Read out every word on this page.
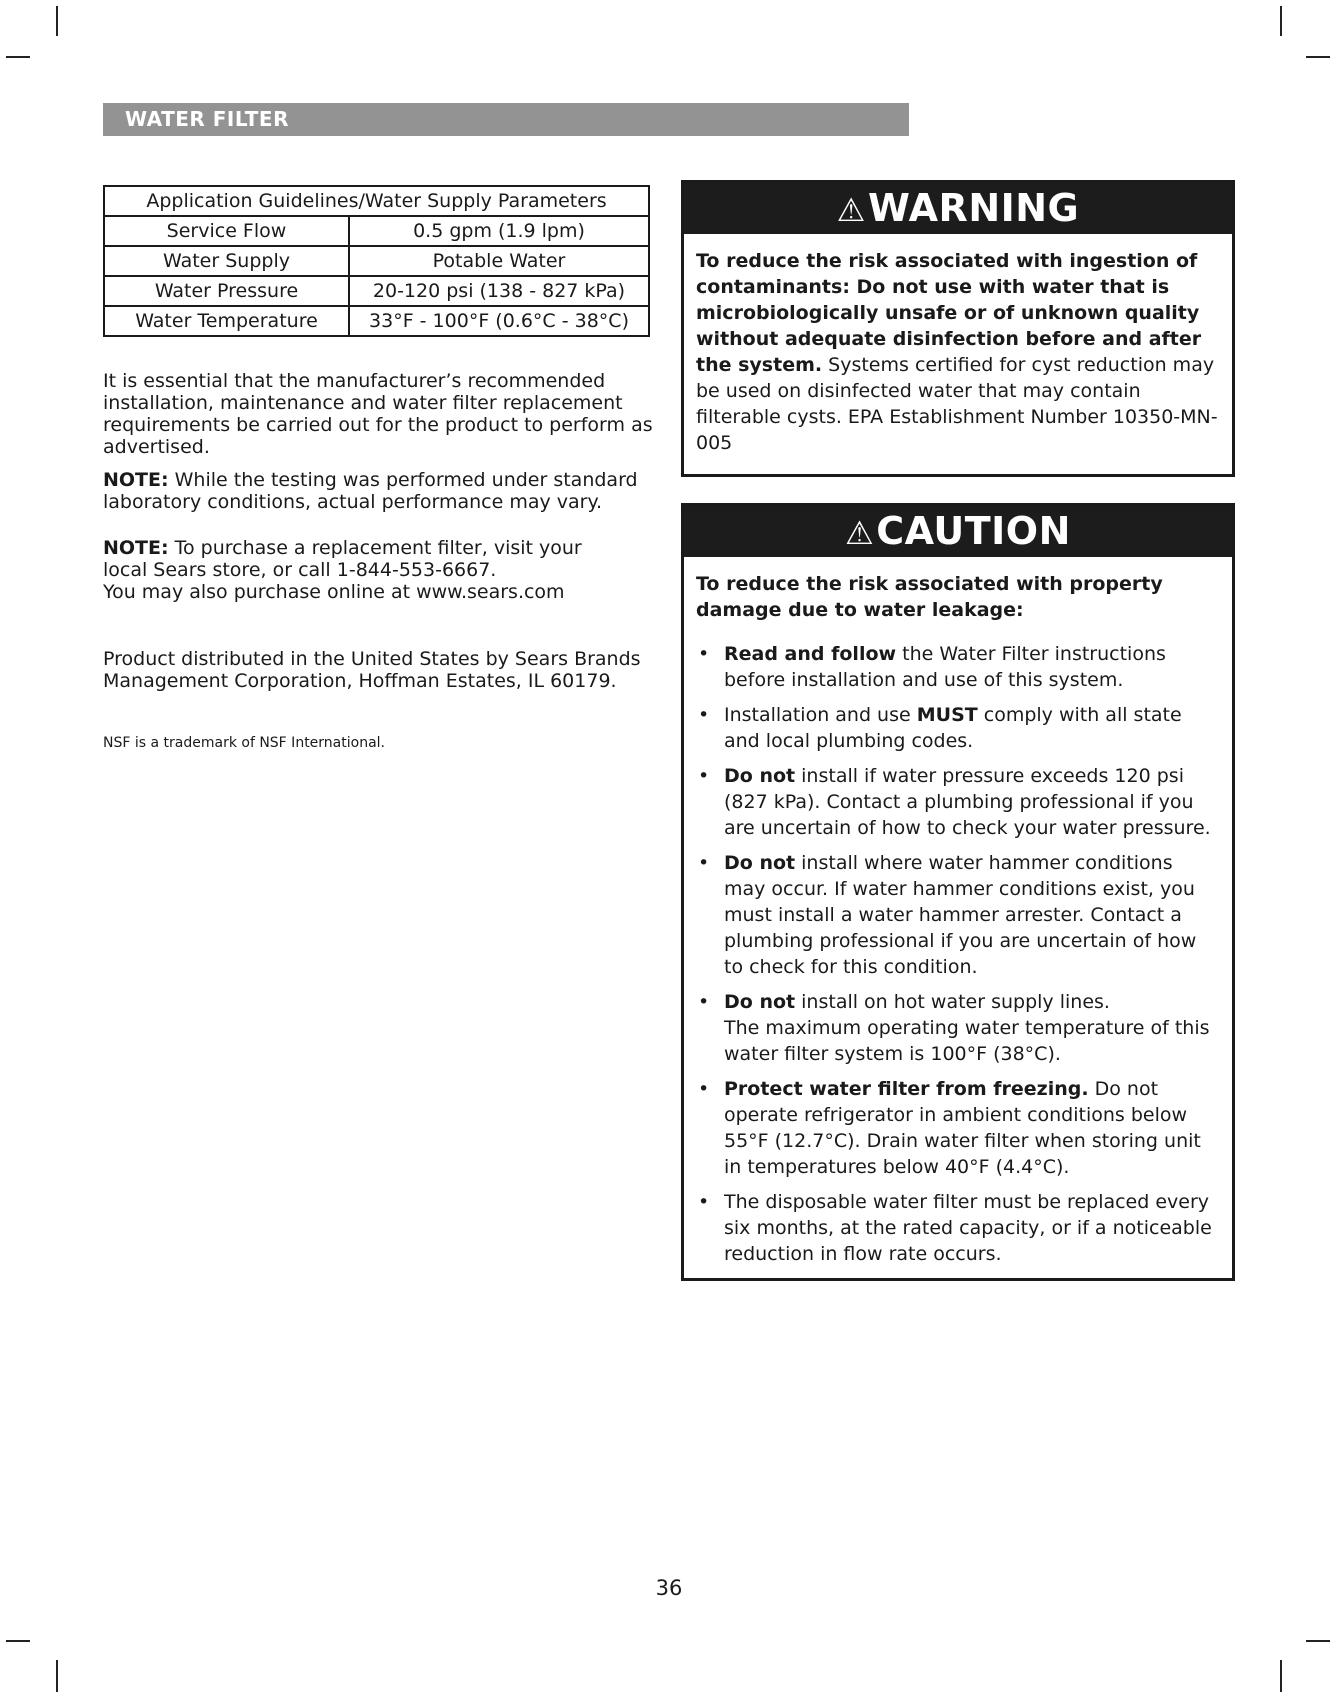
WATER FILTER
Application Guidelines/Water Supply Parameters	
Service Flow	0.5 gpm (1.9 lpm)
Water Supply	Potable Water
Water Pressure	20-120 psi (138 - 827 kPa)
Water Temperature	33°F - 100°F (0.6°C - 38°C)

It is essential that the manufacturer’s recommended installation, maintenance and water filter replacement requirements be carried out for the product to perform as advertised.

NOTE: While the testing was performed under standard laboratory conditions, actual performance may vary.

NOTE: To purchase a replacement filter, visit your local Sears store, or call 1-844-553-6667.
You may also purchase online at www.sears.com

Product distributed in the United States by Sears Brands Management Corporation, Hoffman Estates, IL 60179.

NSF is a trademark of NSF International.

⚠WARNING
To reduce the risk associated with ingestion of contaminants: Do not use with water that is microbiologically unsafe or of unknown quality without adequate disinfection before and after the system. Systems certified for cyst reduction may be used on disinfected water that may contain filterable cysts. EPA Establishment Number 10350-MN-005
⚠CAUTION
To reduce the risk associated with property damage due to water leakage:
• Read and follow the Water Filter instructions before installation and use of this system.
• Installation and use MUST comply with all state and local plumbing codes.
• Do not install if water pressure exceeds 120 psi (827 kPa). Contact a plumbing professional if you are uncertain of how to check your water pressure.
• Do not install where water hammer conditions may occur. If water hammer conditions exist, you must install a water hammer arrester. Contact a plumbing professional if you are uncertain of how to check for this condition.
• Do not install on hot water supply lines.
The maximum operating water temperature of this water filter system is 100°F (38°C).
• Protect water filter from freezing. Do not operate refrigerator in ambient conditions below 55°F (12.7°C). Drain water filter when storing unit in temperatures below 40°F (4.4°C).
• The disposable water filter must be replaced every six months, at the rated capacity, or if a noticeable reduction in flow rate occurs.
36
